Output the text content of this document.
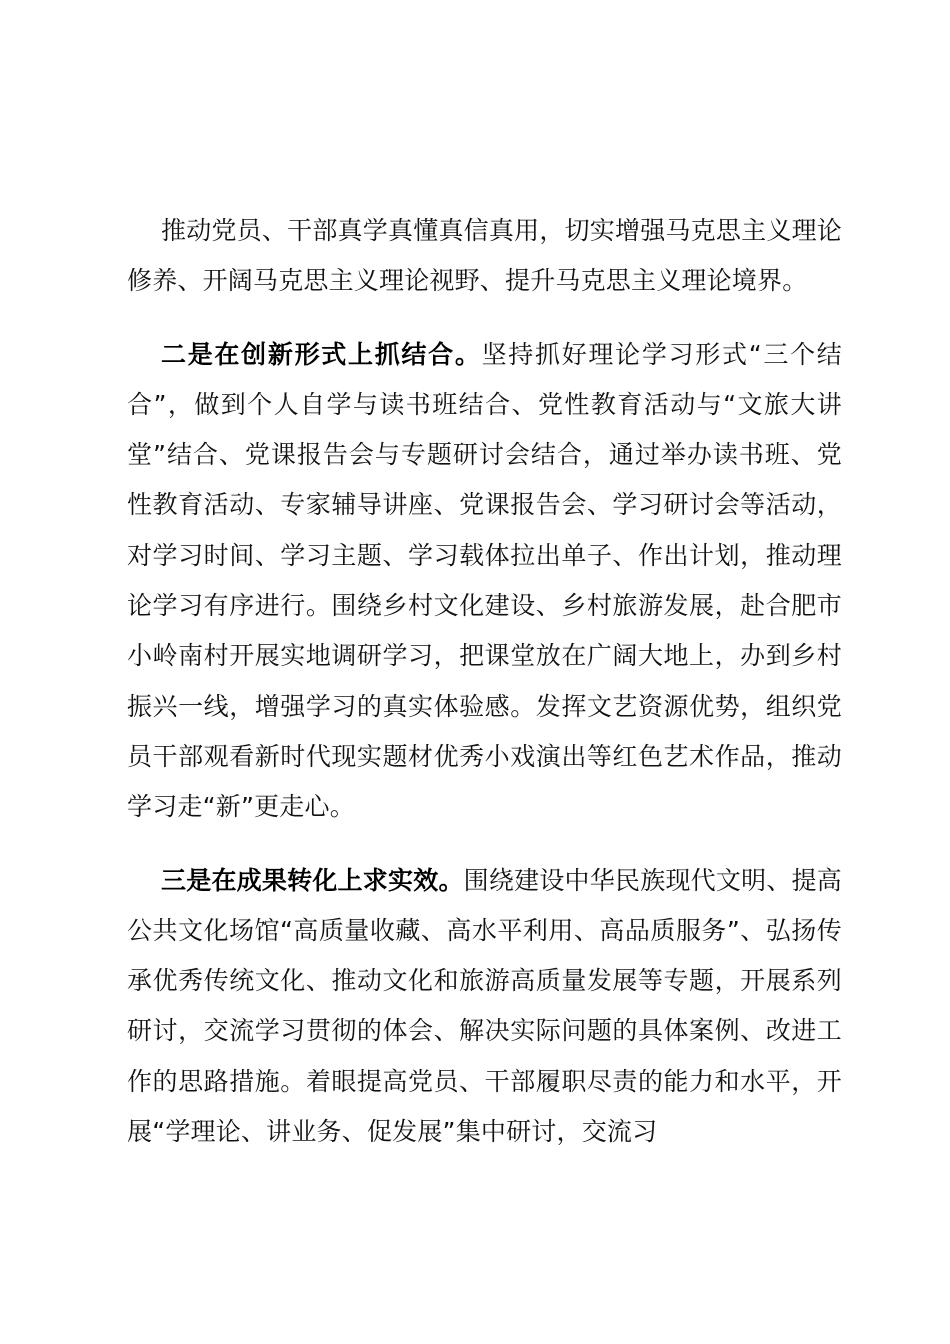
推动党员、干部真学真懂真信真用，切实增强马克思主义理论修养、开阔马克思主义理论视野、提升马克思主义理论境界。

二是在创新形式上抓结合。坚持抓好理论学习形式“三个结合”，做到个人自学与读书班结合、党性教育活动与“文旅大讲堂”结合、党课报告会与专题研讨会结合，通过举办读书班、党性教育活动、专家辅导讲座、党课报告会、学习研讨会等活动，对学习时间、学习主题、学习载体拉出单子、作出计划，推动理论学习有序进行。围绕乡村文化建设、乡村旅游发展，赴合肥市小岭南村开展实地调研学习，把课堂放在广阔大地上，办到乡村振兴一线，增强学习的真实体验感。发挥文艺资源优势，组织党员干部观看新时代现实题材优秀小戏演出等红色艺术作品，推动学习走“新”更走心。

三是在成果转化上求实效。围绕建设中华民族现代文明、提高公共文化场馆“高质量收藏、高水平利用、高品质服务”、弘扬传承优秀传统文化、推动文化和旅游高质量发展等专题，开展系列研讨，交流学习贯彻的体会、解决实际问题的具体案例、改进工作的思路措施。着眼提高党员、干部履职尽责的能力和水平，开展“学理论、讲业务、促发展”集中研讨，交流习
